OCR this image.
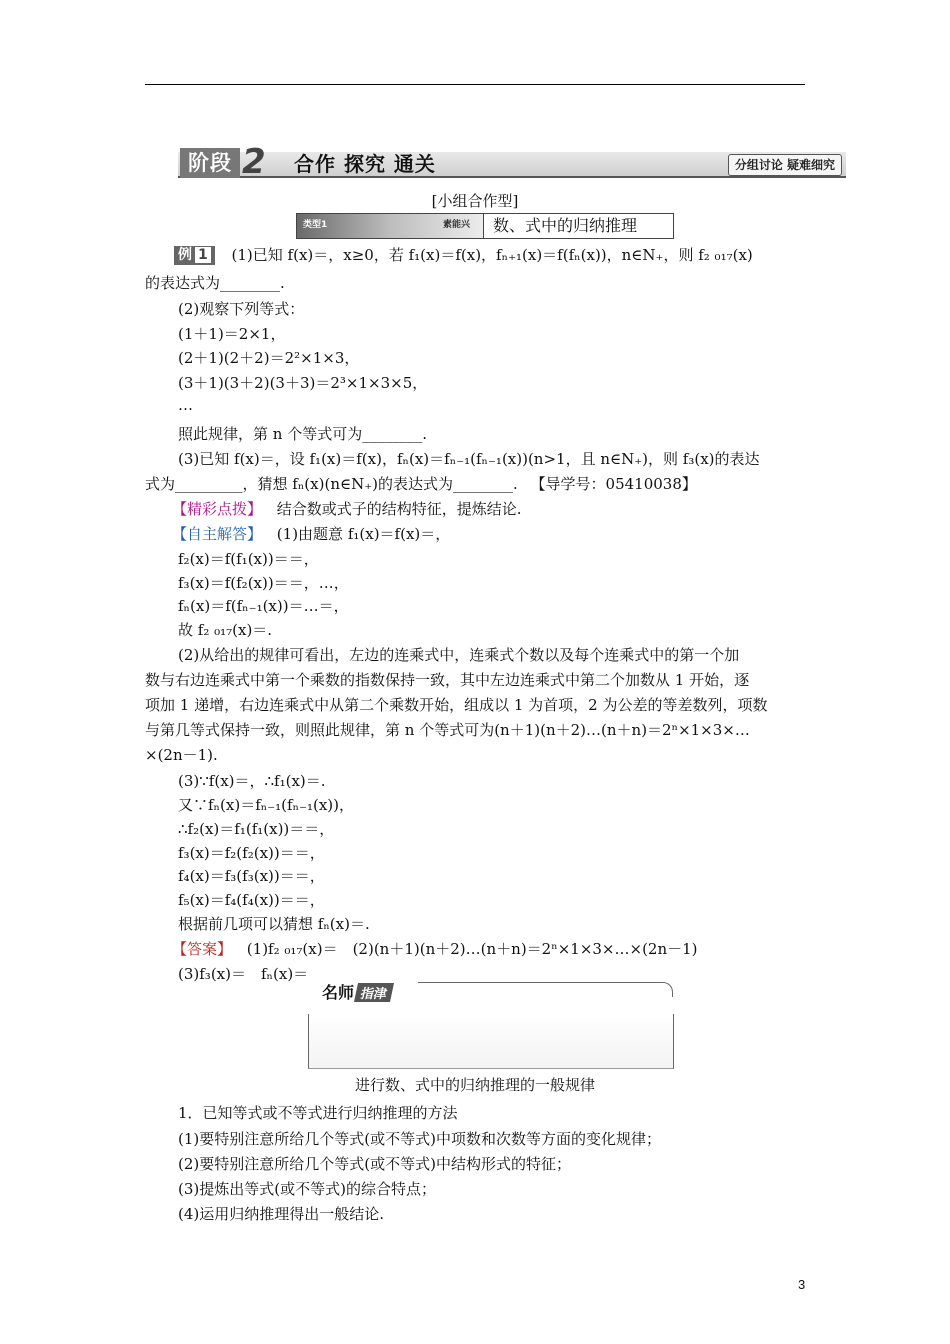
阶段 2	合作 探究 通关	分组讨论 疑难细究
[小组合作型]
类型1	素能兴 数、式中的归纳推理
例 1 (1)已知 f(x)＝，x≥0，若 f₁(x)＝f(x)，fₙ₊₁(x)＝f(fₙ(x))，n∈N₊，则 f₂ ₀₁₇(x)
的表达式为________.
(2)观察下列等式：
(1＋1)＝2×1，
(2＋1)(2＋2)＝2²×1×3，
(3＋1)(3＋2)(3＋3)＝2³×1×3×5，
…
照此规律，第 n 个等式可为________.
(3)已知 f(x)＝，设 f₁(x)＝f(x)，fₙ(x)＝fₙ₋₁(fₙ₋₁(x))(n>1，且 n∈N₊)，则 f₃(x)的表达
式为_________，猜想 fₙ(x)(n∈N₊)的表达式为________. 【导学号：05410038】
【精彩点拨】 结合数或式子的结构特征，提炼结论.
【自主解答】 (1)由题意 f₁(x)＝f(x)＝，
f₂(x)＝f(f₁(x))＝＝，
f₃(x)＝f(f₂(x))＝＝，…，
fₙ(x)＝f(fₙ₋₁(x))＝…＝，
故 f₂ ₀₁₇(x)＝.
(2)从给出的规律可看出，左边的连乘式中，连乘式个数以及每个连乘式中的第一个加
数与右边连乘式中第一个乘数的指数保持一致，其中左边连乘式中第二个加数从 1 开始，逐
项加 1 递增，右边连乘式中从第二个乘数开始，组成以 1 为首项，2 为公差的等差数列，项数
与第几等式保持一致，则照此规律，第 n 个等式可为(n＋1)(n＋2)…(n＋n)＝2ⁿ×1×3×…
×(2n－1).
(3)∵f(x)＝，∴f₁(x)＝.
又∵fₙ(x)＝fₙ₋₁(fₙ₋₁(x))，
∴f₂(x)＝f₁(f₁(x))＝＝，
f₃(x)＝f₂(f₂(x))＝＝，
f₄(x)＝f₃(f₃(x))＝＝，
f₅(x)＝f₄(f₄(x))＝＝，
根据前几项可以猜想 fₙ(x)＝.
【答案】 (1)f₂ ₀₁₇(x)＝　(2)(n＋1)(n＋2)…(n＋n)＝2ⁿ×1×3×…×(2n－1)
(3)f₃(x)＝　fₙ(x)＝
名师 指津
进行数、式中的归纳推理的一般规律
1．已知等式或不等式进行归纳推理的方法
(1)要特别注意所给几个等式(或不等式)中项数和次数等方面的变化规律；
(2)要特别注意所给几个等式(或不等式)中结构形式的特征；
(3)提炼出等式(或不等式)的综合特点；
(4)运用归纳推理得出一般结论.
3
